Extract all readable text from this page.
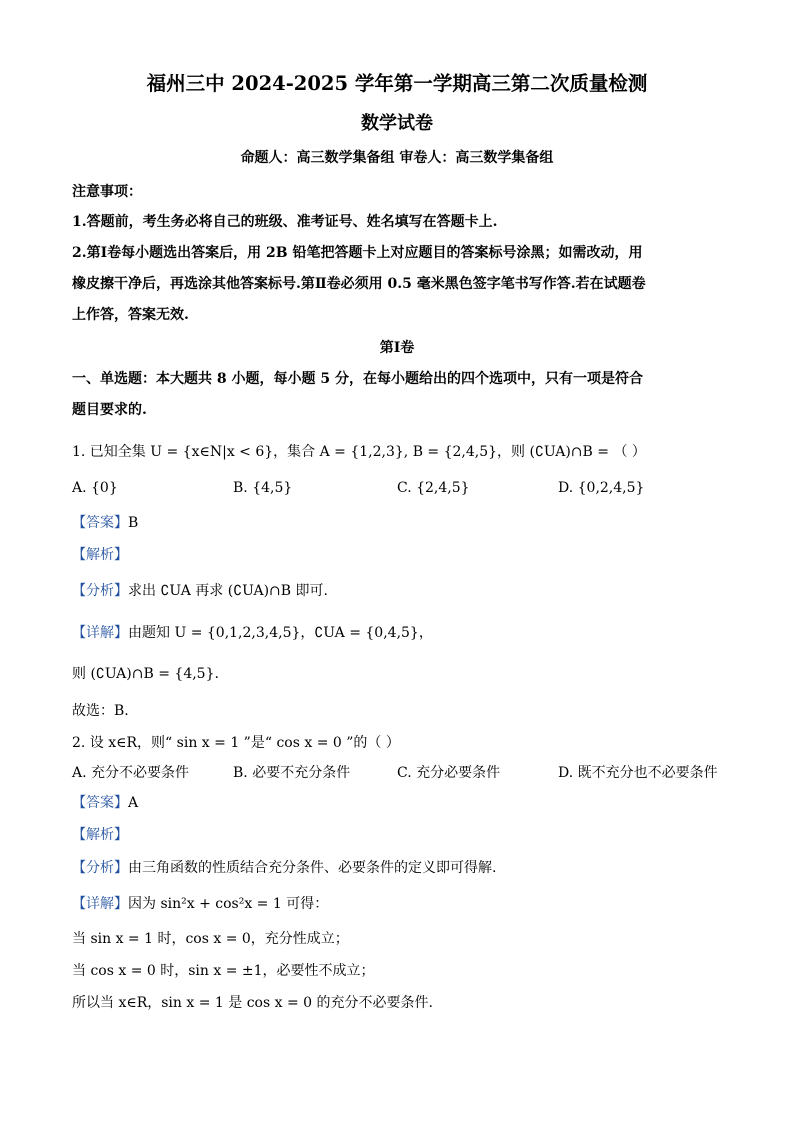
福州三中 2024-2025 学年第一学期高三第二次质量检测
数学试卷
命题人：高三数学集备组 审卷人：高三数学集备组
注意事项：
1.答题前，考生务必将自己的班级、准考证号、姓名填写在答题卡上.
2.第Ⅰ卷每小题选出答案后，用 2B 铅笔把答题卡上对应题目的答案标号涂黑；如需改动，用
橡皮擦干净后，再选涂其他答案标号.第Ⅱ卷必须用 0.5 毫米黑色签字笔书写作答.若在试题卷
上作答，答案无效.
第Ⅰ卷
一、单选题：本大题共 8 小题，每小题 5 分，在每小题给出的四个选项中，只有一项是符合
题目要求的.
1. 已知全集 U = {x∈N|x < 6}，集合 A = {1,2,3}, B = {2,4,5}，则 (∁UA)∩B = （ ）
A. {0}	B. {4,5}	C. {2,4,5}	D. {0,2,4,5}
【答案】B
【解析】
【分析】求出 ∁UA 再求 (∁UA)∩B 即可.
【详解】由题知 U = {0,1,2,3,4,5}，∁UA = {0,4,5}，
则 (∁UA)∩B = {4,5}.
故选：B.
2. 设 x∈R，则“ sin x = 1 ”是“ cos x = 0 ”的（ ）
A. 充分不必要条件	B. 必要不充分条件	C. 充分必要条件	D. 既不充分也不必要条件
【答案】A
【解析】
【分析】由三角函数的性质结合充分条件、必要条件的定义即可得解.
【详解】因为 sin²x + cos²x = 1 可得：
当 sin x = 1 时，cos x = 0，充分性成立；
当 cos x = 0 时，sin x = ±1，必要性不成立；
所以当 x∈R，sin x = 1 是 cos x = 0 的充分不必要条件.
